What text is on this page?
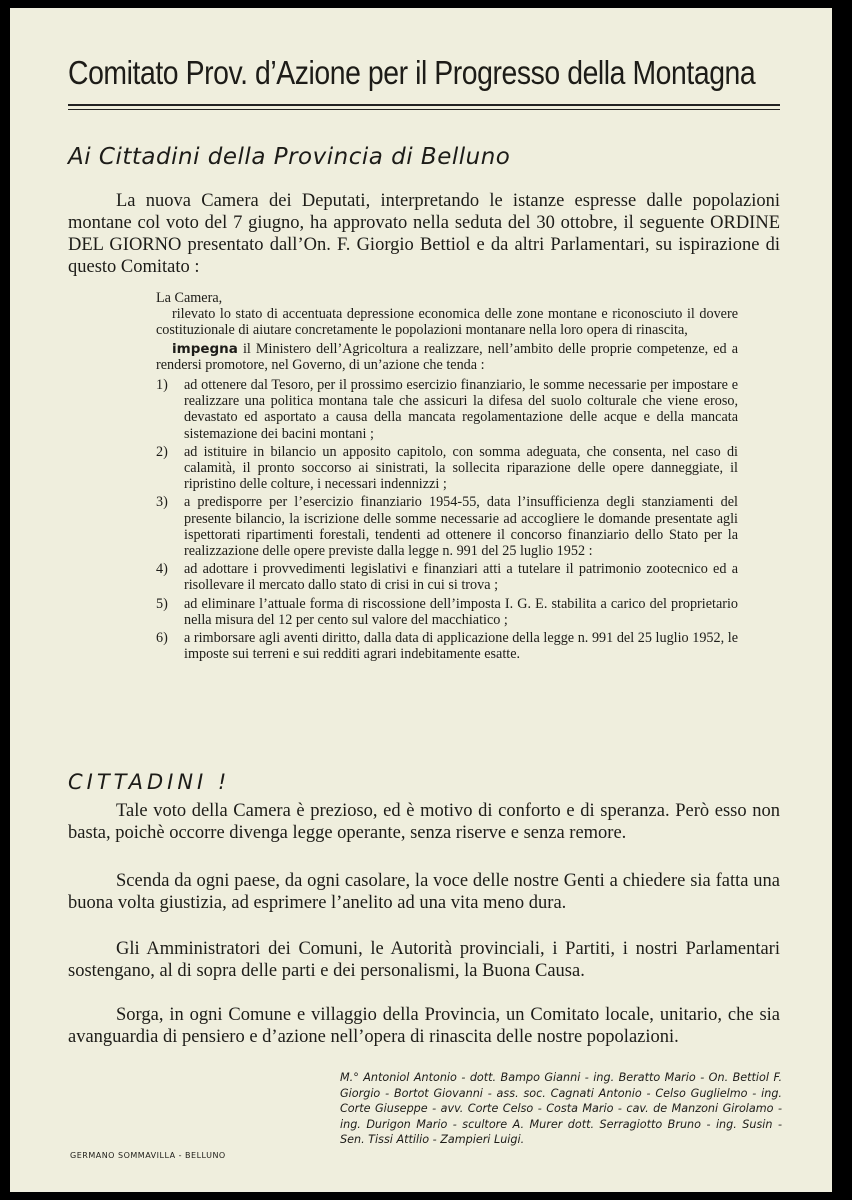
Comitato Prov. d’Azione per il Progresso della Montagna
Ai Cittadini della Provincia di Belluno
La nuova Camera dei Deputati, interpretando le istanze espresse dalle popolazioni montane col voto del 7 giugno, ha approvato nella seduta del 30 ottobre, il seguente ORDINE DEL GIORNO presentato dall’On. F. Giorgio Bettiol e da altri Parlamentari, su ispirazione di questo Comitato :

La Camera,

rilevato lo stato di accentuata depressione economica delle zone montane e riconosciuto il dovere costituzionale di aiutare concretamente le popolazioni montanare nella loro opera di rinascita,

impegna il Ministero dell’Agricoltura a realizzare, nell’ambito delle proprie competenze, ed a rendersi promotore, nel Governo, di un’azione che tenda :

1) ad ottenere dal Tesoro, per il prossimo esercizio finanziario, le somme necessarie per impostare e realizzare una politica montana tale che assicuri la difesa del suolo colturale che viene eroso, devastato ed asportato a causa della mancata regolamentazione delle acque e della mancata sistemazione dei bacini montani ;
2) ad istituire in bilancio un apposito capitolo, con somma adeguata, che consenta, nel caso di calamità, il pronto soccorso ai sinistrati, la sollecita riparazione delle opere danneggiate, il ripristino delle colture, i necessari indennizzi ;
3) a predisporre per l’esercizio finanziario 1954-55, data l’insufficienza degli stanziamenti del presente bilancio, la iscrizione delle somme necessarie ad accogliere le domande presentate agli ispettorati ripartimenti forestali, tendenti ad ottenere il concorso finanziario dello Stato per la realizzazione delle opere previste dalla legge n. 991 del 25 luglio 1952 :
4) ad adottare i provvedimenti legislativi e finanziari atti a tutelare il patrimonio zootecnico ed a risollevare il mercato dallo stato di crisi in cui si trova ;
5) ad eliminare l’attuale forma di riscossione dell’imposta I. G. E. stabilita a carico del proprietario nella misura del 12 per cento sul valore del macchiatico ;
6) a rimborsare agli aventi diritto, dalla data di applicazione della legge n. 991 del 25 luglio 1952, le imposte sui terreni e sui redditi agrari indebitamente esatte.
CITTADINI !
Tale voto della Camera è prezioso, ed è motivo di conforto e di speranza. Però esso non basta, poichè occorre divenga legge operante, senza riserve e senza remore.
Scenda da ogni paese, da ogni casolare, la voce delle nostre Genti a chiedere sia fatta una buona volta giustizia, ad esprimere l’anelito ad una vita meno dura.
Gli Amministratori dei Comuni, le Autorità provinciali, i Partiti, i nostri Parlamentari sostengano, al di sopra delle parti e dei personalismi, la Buona Causa.
Sorga, in ogni Comune e villaggio della Provincia, un Comitato locale, unitario, che sia avanguardia di pensiero e d’azione nell’opera di rinascita delle nostre popolazioni.
M.° Antoniol Antonio - dott. Bampo Gianni - ing. Beratto Mario - On. Bettiol F. Giorgio - Bortot Giovanni - ass. soc. Cagnati Antonio - Celso Guglielmo - ing. Corte Giuseppe - avv. Corte Celso - Costa Mario - cav. de Manzoni Girolamo - ing. Durigon Mario - scultore A. Murer dott. Serragiotto Bruno - ing. Susin - Sen. Tissi Attilio - Zampieri Luigi.
GERMANO SOMMAVILLA - BELLUNO
